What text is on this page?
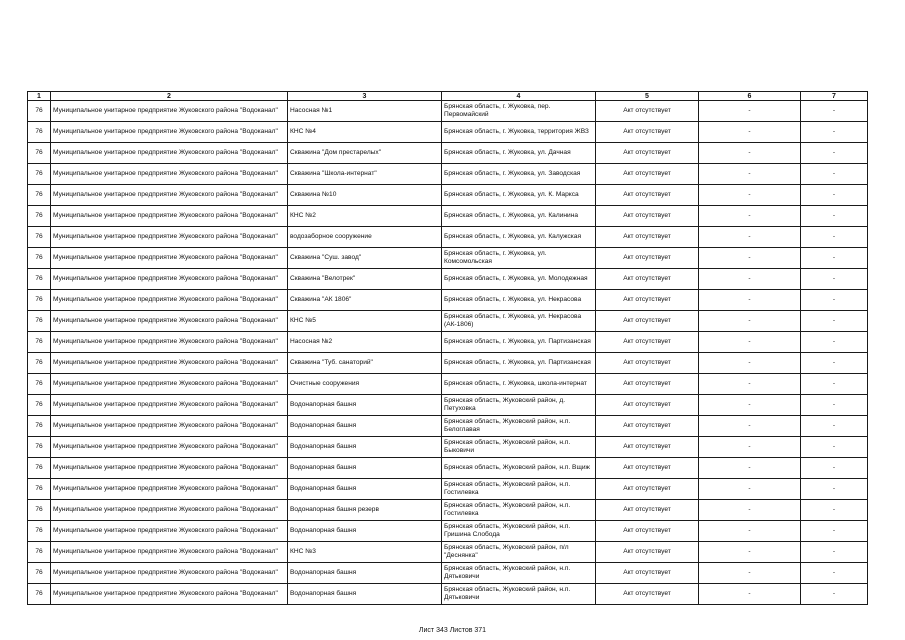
1	2	3	4	5	6	7
76	Муниципальное унитарное предприятие Жуковского района "Водоканал"	Насосная №1	Брянская область, г. Жуковка, пер. Первомайский	Акт отсутствует	-	-
76	Муниципальное унитарное предприятие Жуковского района "Водоканал"	КНС №4	Брянская область, г. Жуковка, территория ЖВЗ	Акт отсутствует	-	-
76	Муниципальное унитарное предприятие Жуковского района "Водоканал"	Скважина "Дом престарелых"	Брянская область, г. Жуковка, ул. Дачная	Акт отсутствует	-	-
76	Муниципальное унитарное предприятие Жуковского района "Водоканал"	Скважина "Школа-интернат"	Брянская область, г. Жуковка, ул. Заводская	Акт отсутствует	-	-
76	Муниципальное унитарное предприятие Жуковского района "Водоканал"	Скважина №10	Брянская область, г. Жуковка, ул. К. Маркса	Акт отсутствует	-	-
76	Муниципальное унитарное предприятие Жуковского района "Водоканал"	КНС №2	Брянская область, г. Жуковка, ул. Калинина	Акт отсутствует	-	-
76	Муниципальное унитарное предприятие Жуковского района "Водоканал"	водозаборное сооружение	Брянская область, г. Жуковка, ул. Калужская	Акт отсутствует	-	-
76	Муниципальное унитарное предприятие Жуковского района "Водоканал"	Скважина "Суш. завод"	Брянская область, г. Жуковка, ул. Комсомольская	Акт отсутствует	-	-
76	Муниципальное унитарное предприятие Жуковского района "Водоканал"	Скважина "Велотрек"	Брянская область, г. Жуковка, ул. Молодежная	Акт отсутствует	-	-
76	Муниципальное унитарное предприятие Жуковского района "Водоканал"	Скважина "АК 1806"	Брянская область, г. Жуковка, ул. Некрасова	Акт отсутствует	-	-
76	Муниципальное унитарное предприятие Жуковского района "Водоканал"	КНС №5	Брянская область, г. Жуковка, ул. Некрасова (АК-1806)	Акт отсутствует	-	-
76	Муниципальное унитарное предприятие Жуковского района "Водоканал"	Насосная №2	Брянская область, г. Жуковка, ул. Партизанская	Акт отсутствует	-	-
76	Муниципальное унитарное предприятие Жуковского района "Водоканал"	Скважина "Туб. санаторий"	Брянская область, г. Жуковка, ул. Партизанская	Акт отсутствует	-	-
76	Муниципальное унитарное предприятие Жуковского района "Водоканал"	Очистные сооружения	Брянская область, г. Жуковка, школа-интернат	Акт отсутствует	-	-
76	Муниципальное унитарное предприятие Жуковского района "Водоканал"	Водонапорная башня	Брянская область, Жуковский район, д. Петуховка	Акт отсутствует	-	-
76	Муниципальное унитарное предприятие Жуковского района "Водоканал"	Водонапорная башня	Брянская область, Жуковский район, н.п. Белоглавая	Акт отсутствует	-	-
76	Муниципальное унитарное предприятие Жуковского района "Водоканал"	Водонапорная башня	Брянская область, Жуковский район, н.п. Быковичи	Акт отсутствует	-	-
76	Муниципальное унитарное предприятие Жуковского района "Водоканал"	Водонапорная башня	Брянская область, Жуковский район, н.п. Вщиж	Акт отсутствует	-	-
76	Муниципальное унитарное предприятие Жуковского района "Водоканал"	Водонапорная башня	Брянская область, Жуковский район, н.п. Гостилевка	Акт отсутствует	-	-
76	Муниципальное унитарное предприятие Жуковского района "Водоканал"	Водонапорная башня резерв	Брянская область, Жуковский район, н.п. Гостилевка	Акт отсутствует	-	-
76	Муниципальное унитарное предприятие Жуковского района "Водоканал"	Водонапорная башня	Брянская область, Жуковский район, н.п. Гришина Слобода	Акт отсутствует	-	-
76	Муниципальное унитарное предприятие Жуковского района "Водоканал"	КНС №3	Брянская область, Жуковский район, п/л "Деснянка"	Акт отсутствует	-	-
76	Муниципальное унитарное предприятие Жуковского района "Водоканал"	Водонапорная башня	Брянская область, Жуковский район, н.п. Дятьковичи	Акт отсутствует	-	-
76	Муниципальное унитарное предприятие Жуковского района "Водоканал"	Водонапорная башня	Брянская область, Жуковский район, н.п. Дятьковичи	Акт отсутствует	-	-
Лист 343 Листов 371
